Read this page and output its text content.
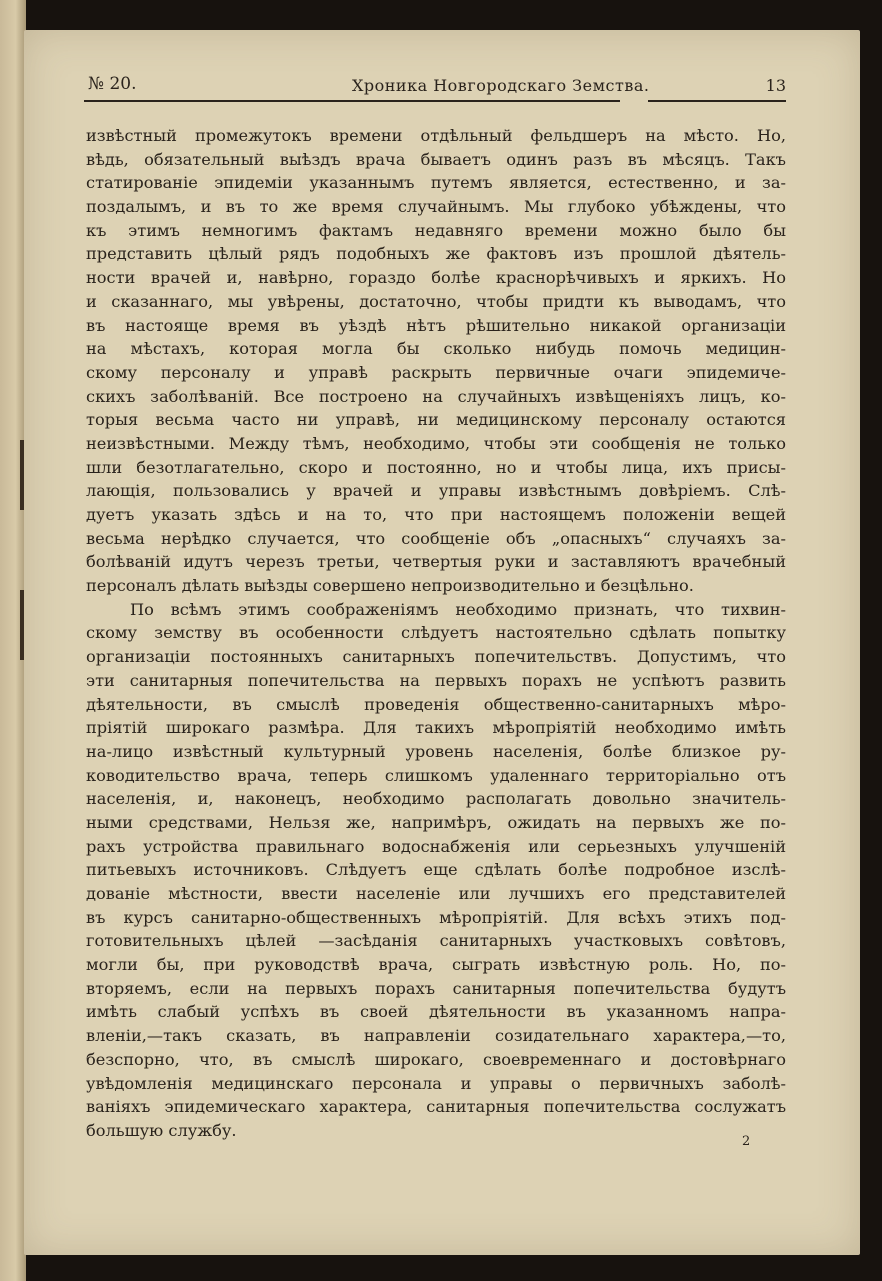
№ 20.	Хроника Новгородскаго Земства.	13
извѣстный промежутокъ времени отдѣльный фельдшеръ на мѣсто. Но,
вѣдь, обязательный выѣздъ врача бываетъ одинъ разъ въ мѣсяцъ. Такъ
статированіе эпидеміи указаннымъ путемъ является, естественно, и за-
поздалымъ, и въ то же время случайнымъ. Мы глубоко убѣждены, что
къ этимъ немногимъ фактамъ недавняго времени можно было бы
представить цѣлый рядъ подобныхъ же фактовъ изъ прошлой дѣятель-
ности врачей и, навѣрно, гораздо болѣе краснорѣчивыхъ и яркихъ. Но
и сказаннаго, мы увѣрены, достаточно, чтобы придти къ выводамъ, что
въ настояще время въ уѣздѣ нѣтъ рѣшительно никакой организаціи
на мѣстахъ, которая могла бы сколько нибудь помочь медицин-
скому персоналу и управѣ раскрыть первичные очаги эпидемиче-
скихъ заболѣваній. Все построено на случайныхъ извѣщеніяхъ лицъ, ко-
торыя весьма часто ни управѣ, ни медицинскому персоналу остаются
неизвѣстными. Между тѣмъ, необходимо, чтобы эти сообщенія не только
шли безотлагательно, скоро и постоянно, но и чтобы лица, ихъ присы-
лающія, пользовались у врачей и управы извѣстнымъ довѣріемъ. Слѣ-
дуетъ указать здѣсь и на то, что при настоящемъ положеніи вещей
весьма нерѣдко случается, что сообщеніе объ „опасныхъ“ случаяхъ за-
болѣваній идутъ черезъ третьи, четвертыя руки и заставляютъ врачебный
персоналъ дѣлать выѣзды совершено непроизводительно и безцѣльно.
По всѣмъ этимъ соображеніямъ необходимо признать, что тихвин-
скому земству въ особенности слѣдуетъ настоятельно сдѣлать попытку
организаціи постоянныхъ санитарныхъ попечительствъ. Допустимъ, что
эти санитарныя попечительства на первыхъ порахъ не успѣютъ развить
дѣятельности, въ смыслѣ проведенія общественно-санитарныхъ мѣро-
пріятій широкаго размѣра. Для такихъ мѣропріятій необходимо имѣть
на-лицо извѣстный культурный уровень населенія, болѣе близкое ру-
ководительство врача, теперь слишкомъ удаленнаго территоріально отъ
населенія, и, наконецъ, необходимо располагать довольно значитель-
ными средствами, Нельзя же, напримѣръ, ожидать на первыхъ же по-
рахъ устройства правильнаго водоснабженія или серьезныхъ улучшеній
питьевыхъ источниковъ. Слѣдуетъ еще сдѣлать болѣе подробное изслѣ-
дованіе мѣстности, ввести населеніе или лучшихъ его представителей
въ курсъ санитарно-общественныхъ мѣропріятій. Для всѣхъ этихъ под-
готовительныхъ цѣлей —засѣданія санитарныхъ участковыхъ совѣтовъ,
могли бы, при руководствѣ врача, сыграть извѣстную роль. Но, по-
вторяемъ, если на первыхъ порахъ санитарныя попечительства будутъ
имѣть слабый успѣхъ въ своей дѣятельности въ указанномъ напра-
вленіи,—такъ сказать, въ направленіи созидательнаго характера,—то,
безспорно, что, въ смыслѣ широкаго, своевременнаго и достовѣрнаго
увѣдомленія медицинскаго персонала и управы о первичныхъ заболѣ-
ваніяхъ эпидемическаго характера, санитарныя попечительства сослужатъ
большую службу.
2
